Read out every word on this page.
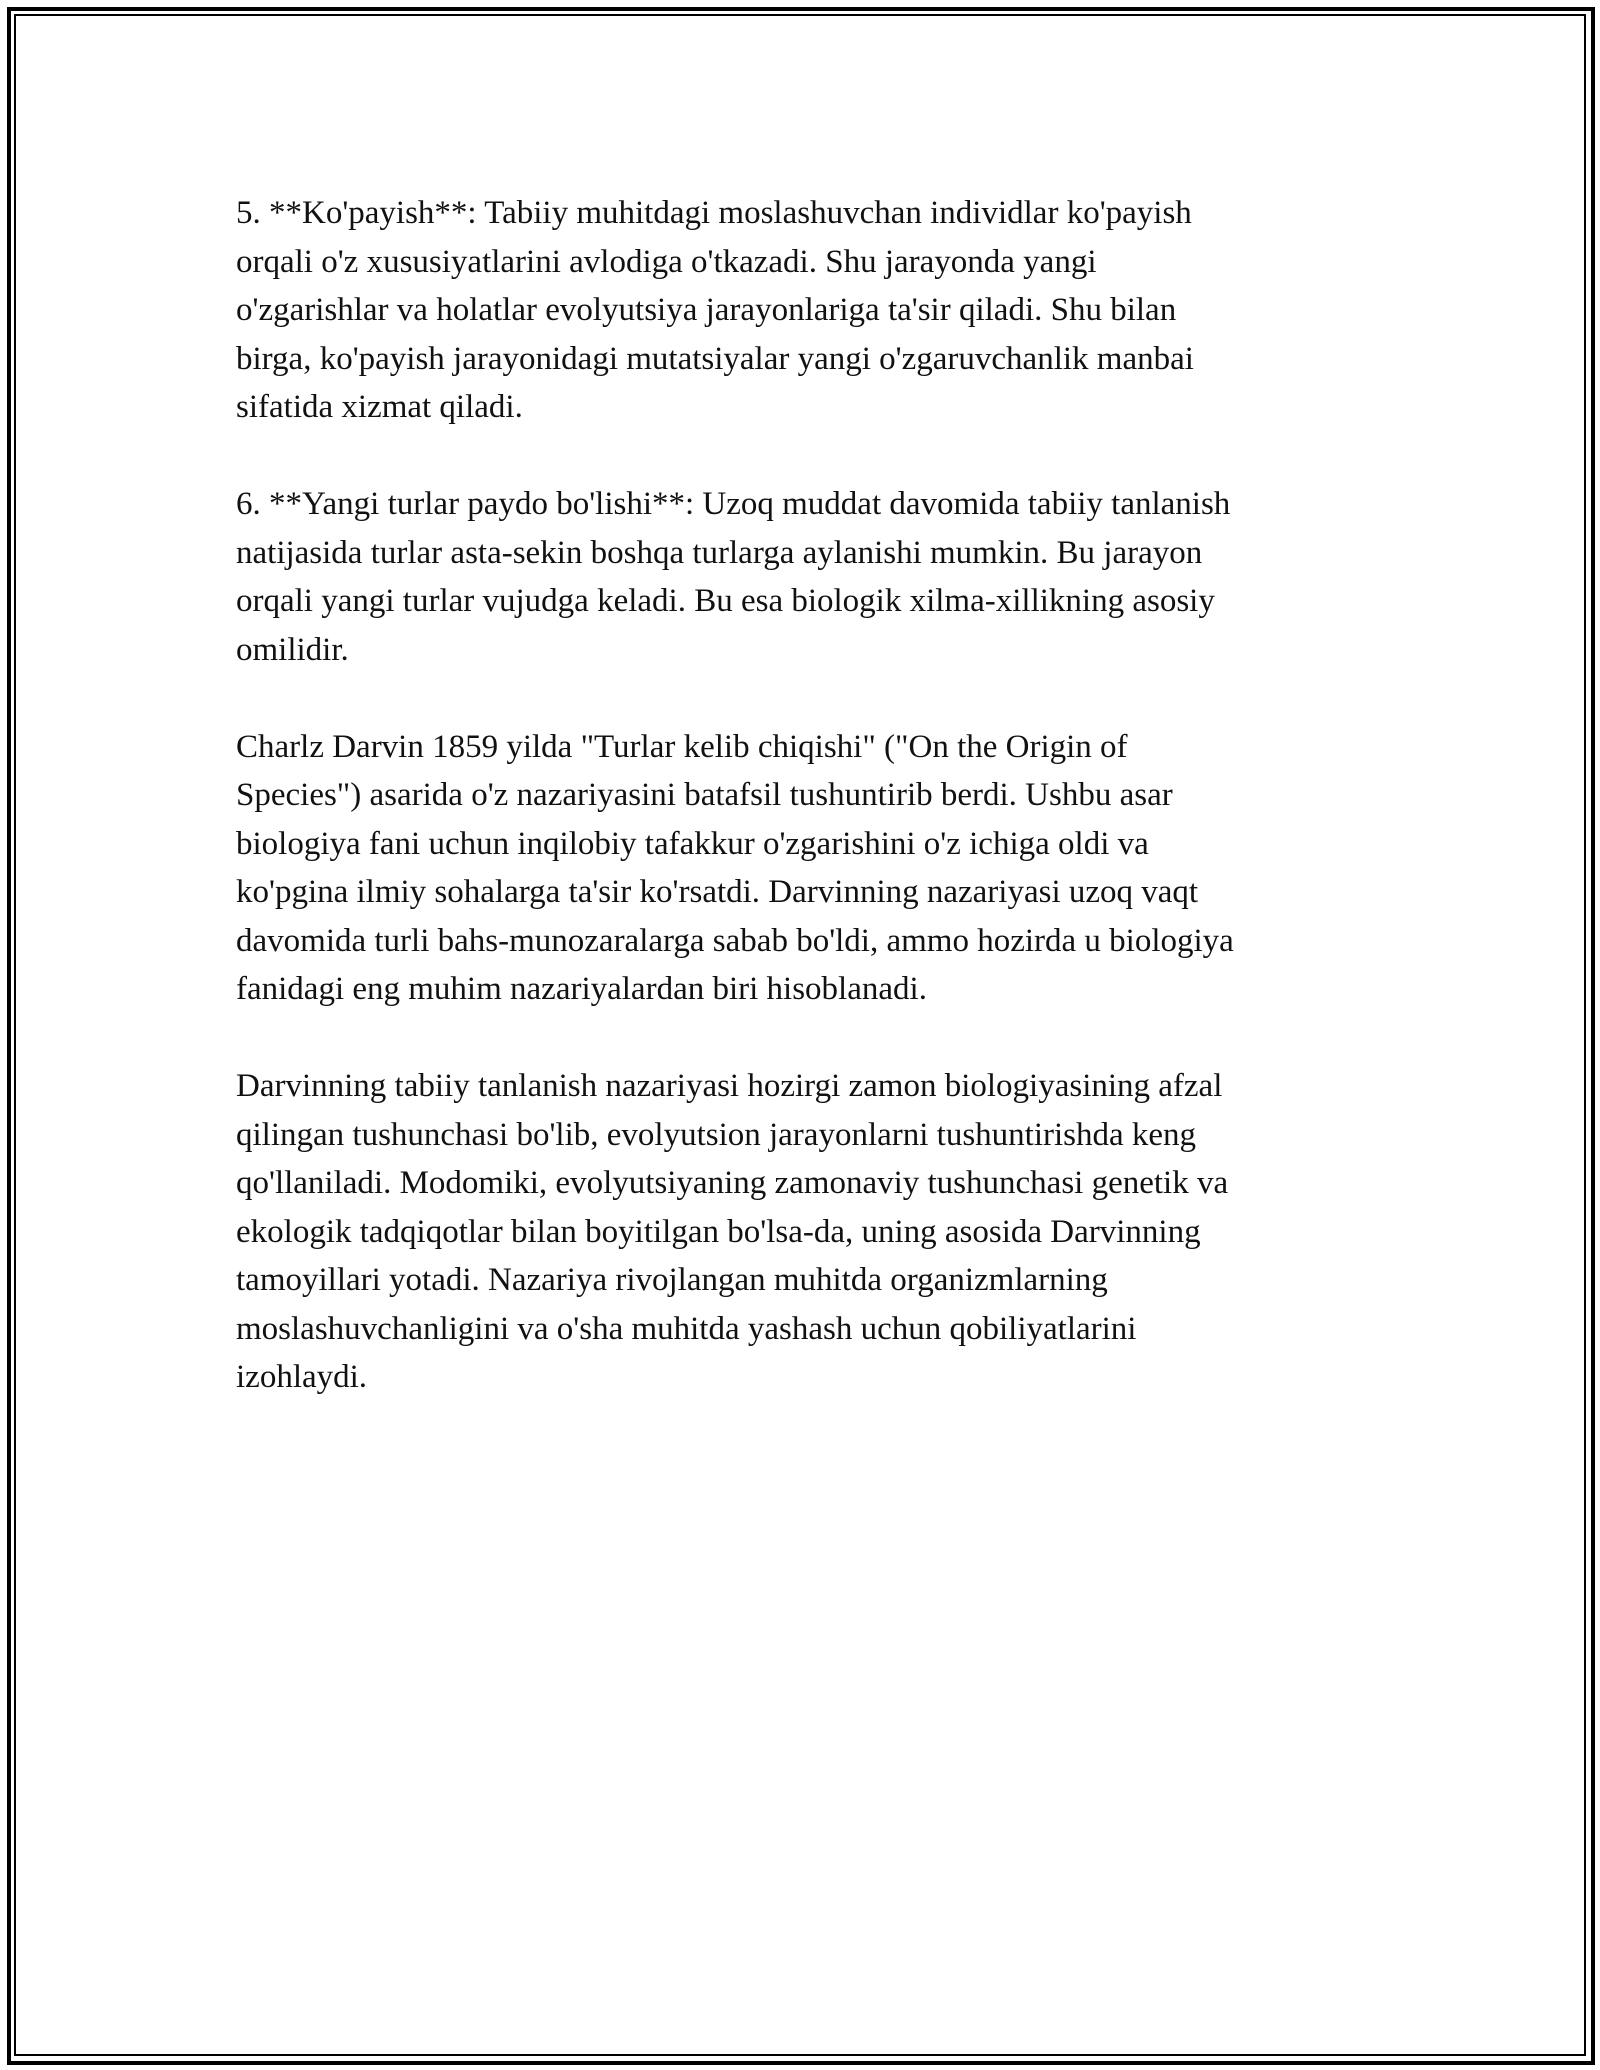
5. **Ko'payish**: Tabiiy muhitdagi moslashuvchan individlar ko'payish
orqali o'z xususiyatlarini avlodiga o'tkazadi. Shu jarayonda yangi
o'zgarishlar va holatlar evolyutsiya jarayonlariga ta'sir qiladi. Shu bilan
birga, ko'payish jarayonidagi mutatsiyalar yangi o'zgaruvchanlik manbai
sifatida xizmat qiladi.

6. **Yangi turlar paydo bo'lishi**: Uzoq muddat davomida tabiiy tanlanish
natijasida turlar asta-sekin boshqa turlarga aylanishi mumkin. Bu jarayon
orqali yangi turlar vujudga keladi. Bu esa biologik xilma-xillikning asosiy
omilidir.

Charlz Darvin 1859 yilda "Turlar kelib chiqishi" ("On the Origin of
Species") asarida o'z nazariyasini batafsil tushuntirib berdi. Ushbu asar
biologiya fani uchun inqilobiy tafakkur o'zgarishini o'z ichiga oldi va
ko'pgina ilmiy sohalarga ta'sir ko'rsatdi. Darvinning nazariyasi uzoq vaqt
davomida turli bahs-munozaralarga sabab bo'ldi, ammo hozirda u biologiya
fanidagi eng muhim nazariyalardan biri hisoblanadi.

Darvinning tabiiy tanlanish nazariyasi hozirgi zamon biologiyasining afzal
qilingan tushunchasi bo'lib, evolyutsion jarayonlarni tushuntirishda keng
qo'llaniladi. Modomiki, evolyutsiyaning zamonaviy tushunchasi genetik va
ekologik tadqiqotlar bilan boyitilgan bo'lsa-da, uning asosida Darvinning
tamoyillari yotadi. Nazariya rivojlangan muhitda organizmlarning
moslashuvchanligini va o'sha muhitda yashash uchun qobiliyatlarini
izohlaydi.
